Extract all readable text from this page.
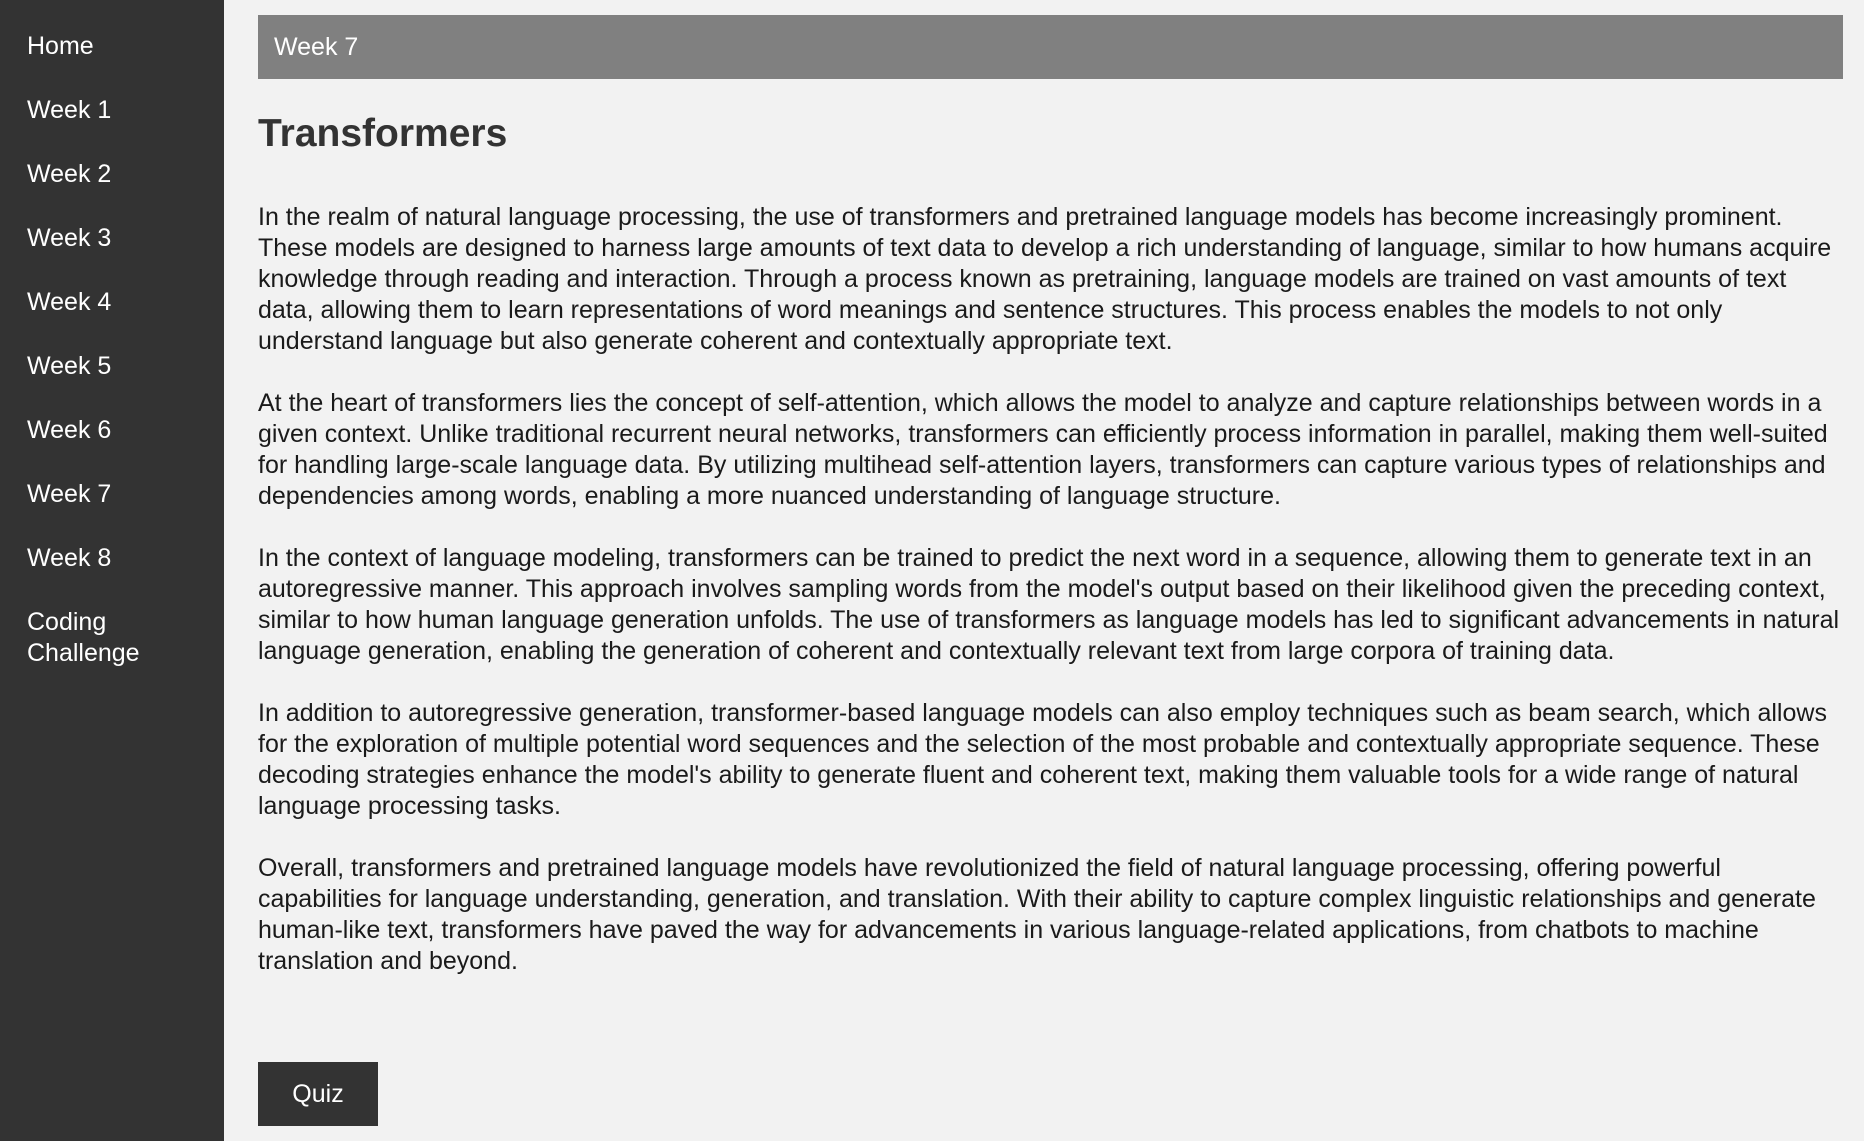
Home
Week 1
Week 2
Week 3
Week 4
Week 5
Week 6
Week 7
Week 8
Coding Challenge
Week 7
Transformers

In the realm of natural language processing, the use of transformers and pretrained language models has become increasingly prominent. These models are designed to harness large amounts of text data to develop a rich understanding of language, similar to how humans acquire knowledge through reading and interaction. Through a process known as pretraining, language models are trained on vast amounts of text data, allowing them to learn representations of word meanings and sentence structures. This process enables the models to not only understand language but also generate coherent and contextually appropriate text.

At the heart of transformers lies the concept of self-attention, which allows the model to analyze and capture relationships between words in a given context. Unlike traditional recurrent neural networks, transformers can efficiently process information in parallel, making them well-suited for handling large-scale language data. By utilizing multihead self-attention layers, transformers can capture various types of relationships and dependencies among words, enabling a more nuanced understanding of language structure.

In the context of language modeling, transformers can be trained to predict the next word in a sequence, allowing them to generate text in an autoregressive manner. This approach involves sampling words from the model's output based on their likelihood given the preceding context, similar to how human language generation unfolds. The use of transformers as language models has led to significant advancements in natural language generation, enabling the generation of coherent and contextually relevant text from large corpora of training data.

In addition to autoregressive generation, transformer-based language models can also employ techniques such as beam search, which allows for the exploration of multiple potential word sequences and the selection of the most probable and contextually appropriate sequence. These decoding strategies enhance the model's ability to generate fluent and coherent text, making them valuable tools for a wide range of natural language processing tasks.

Overall, transformers and pretrained language models have revolutionized the field of natural language processing, offering powerful capabilities for language understanding, generation, and translation. With their ability to capture complex linguistic relationships and generate human-like text, transformers have paved the way for advancements in various language-related applications, from chatbots to machine translation and beyond.

Quiz
